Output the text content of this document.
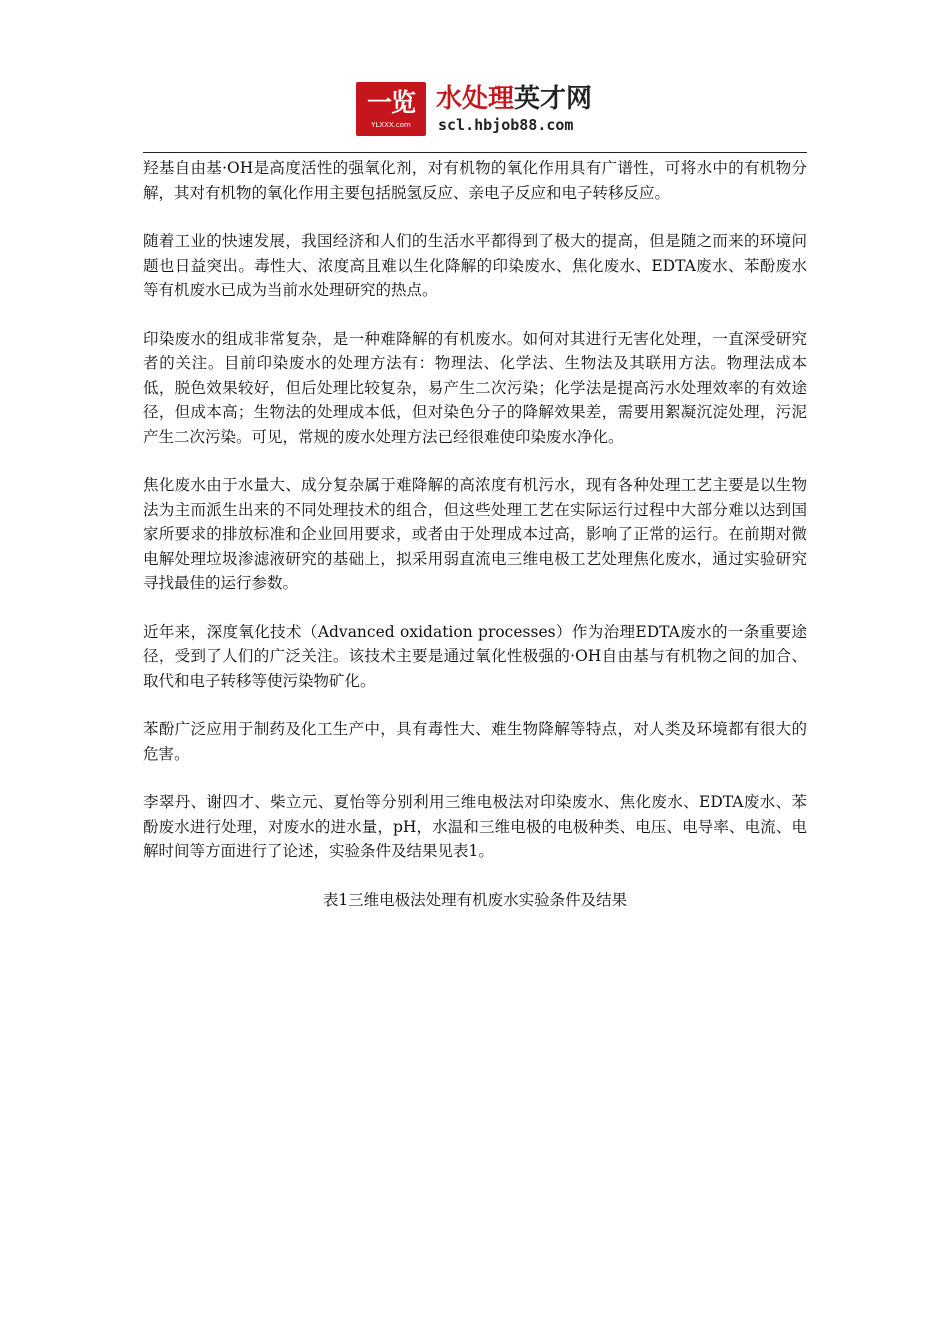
一览
YLXXX.com
水处理英才网
scl.hbjob88.com

羟基自由基·OH是高度活性的强氧化剂，对有机物的氧化作用具有广谱性，可将水中的有机物分解，其对有机物的氧化作用主要包括脱氢反应、亲电子反应和电子转移反应。

随着工业的快速发展，我国经济和人们的生活水平都得到了极大的提高，但是随之而来的环境问题也日益突出。毒性大、浓度高且难以生化降解的印染废水、焦化废水、EDTA废水、苯酚废水等有机废水已成为当前水处理研究的热点。

印染废水的组成非常复杂，是一种难降解的有机废水。如何对其进行无害化处理，一直深受研究者的关注。目前印染废水的处理方法有：物理法、化学法、生物法及其联用方法。物理法成本低，脱色效果较好，但后处理比较复杂，易产生二次污染；化学法是提高污水处理效率的有效途径，但成本高；生物法的处理成本低，但对染色分子的降解效果差，需要用絮凝沉淀处理，污泥产生二次污染。可见，常规的废水处理方法已经很难使印染废水净化。

焦化废水由于水量大、成分复杂属于难降解的高浓度有机污水，现有各种处理工艺主要是以生物法为主而派生出来的不同处理技术的组合，但这些处理工艺在实际运行过程中大部分难以达到国家所要求的排放标准和企业回用要求，或者由于处理成本过高，影响了正常的运行。在前期对微电解处理垃圾渗滤液研究的基础上，拟采用弱直流电三维电极工艺处理焦化废水，通过实验研究寻找最佳的运行参数。

近年来，深度氧化技术（Advanced oxidation processes）作为治理EDTA废水的一条重要途径，受到了人们的广泛关注。该技术主要是通过氧化性极强的·OH自由基与有机物之间的加合、取代和电子转移等使污染物矿化。

苯酚广泛应用于制药及化工生产中，具有毒性大、难生物降解等特点，对人类及环境都有很大的危害。

李翠丹、谢四才、柴立元、夏怡等分别利用三维电极法对印染废水、焦化废水、EDTA废水、苯酚废水进行处理，对废水的进水量，pH，水温和三维电极的电极种类、电压、电导率、电流、电解时间等方面进行了论述，实验条件及结果见表1。

表1三维电极法处理有机废水实验条件及结果
